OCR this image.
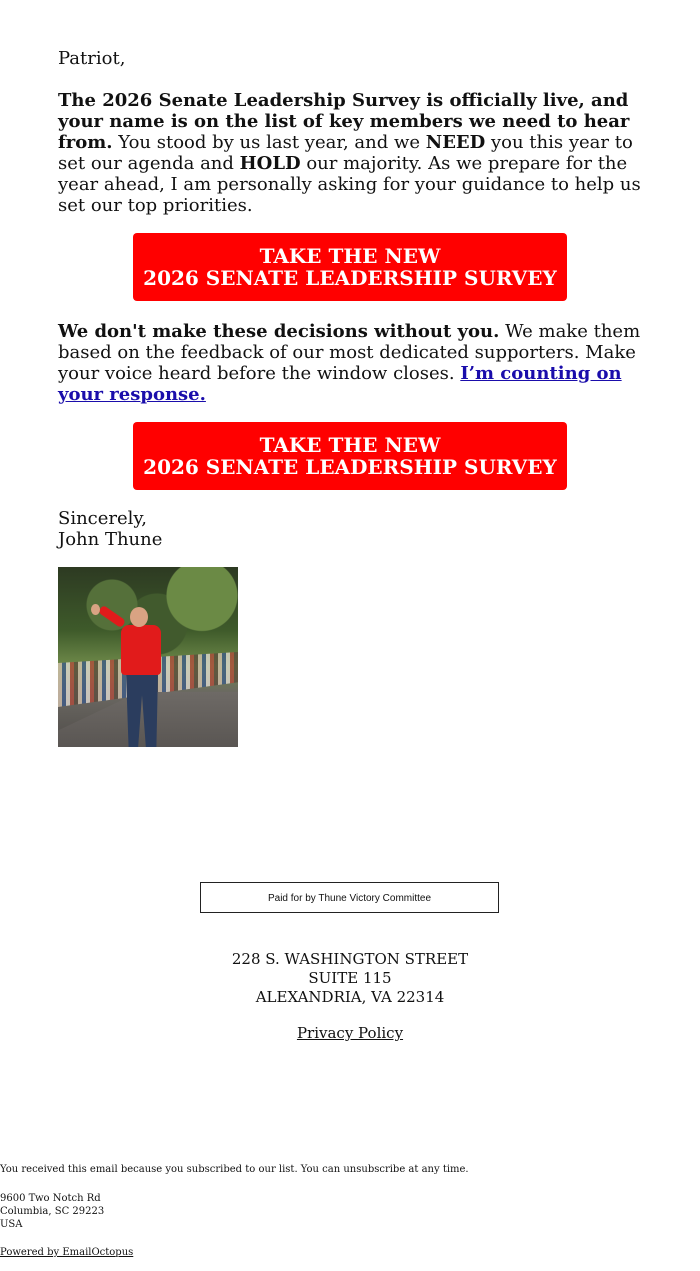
Patriot,

The 2026 Senate Leadership Survey is officially live, and your name is on the list of key members we need to hear from. You stood by us last year, and we NEED you this year to set our agenda and HOLD our majority. As we prepare for the year ahead, I am personally asking for your guidance to help us set our top priorities.

TAKE THE NEW
2026 SENATE LEADERSHIP SURVEY

We don't make these decisions without you. We make them based on the feedback of our most dedicated supporters. Make your voice heard before the window closes. I’m counting on your response.

TAKE THE NEW
2026 SENATE LEADERSHIP SURVEY
Sincerely,
John Thune
Paid for by Thune Victory Committee
228 S. WASHINGTON STREET
SUITE 115
ALEXANDRIA, VA 22314
Privacy Policy
You received this email because you subscribed to our list. You can unsubscribe at any time.
9600 Two Notch Rd
Columbia, SC 29223
USA
Powered by EmailOctopus
